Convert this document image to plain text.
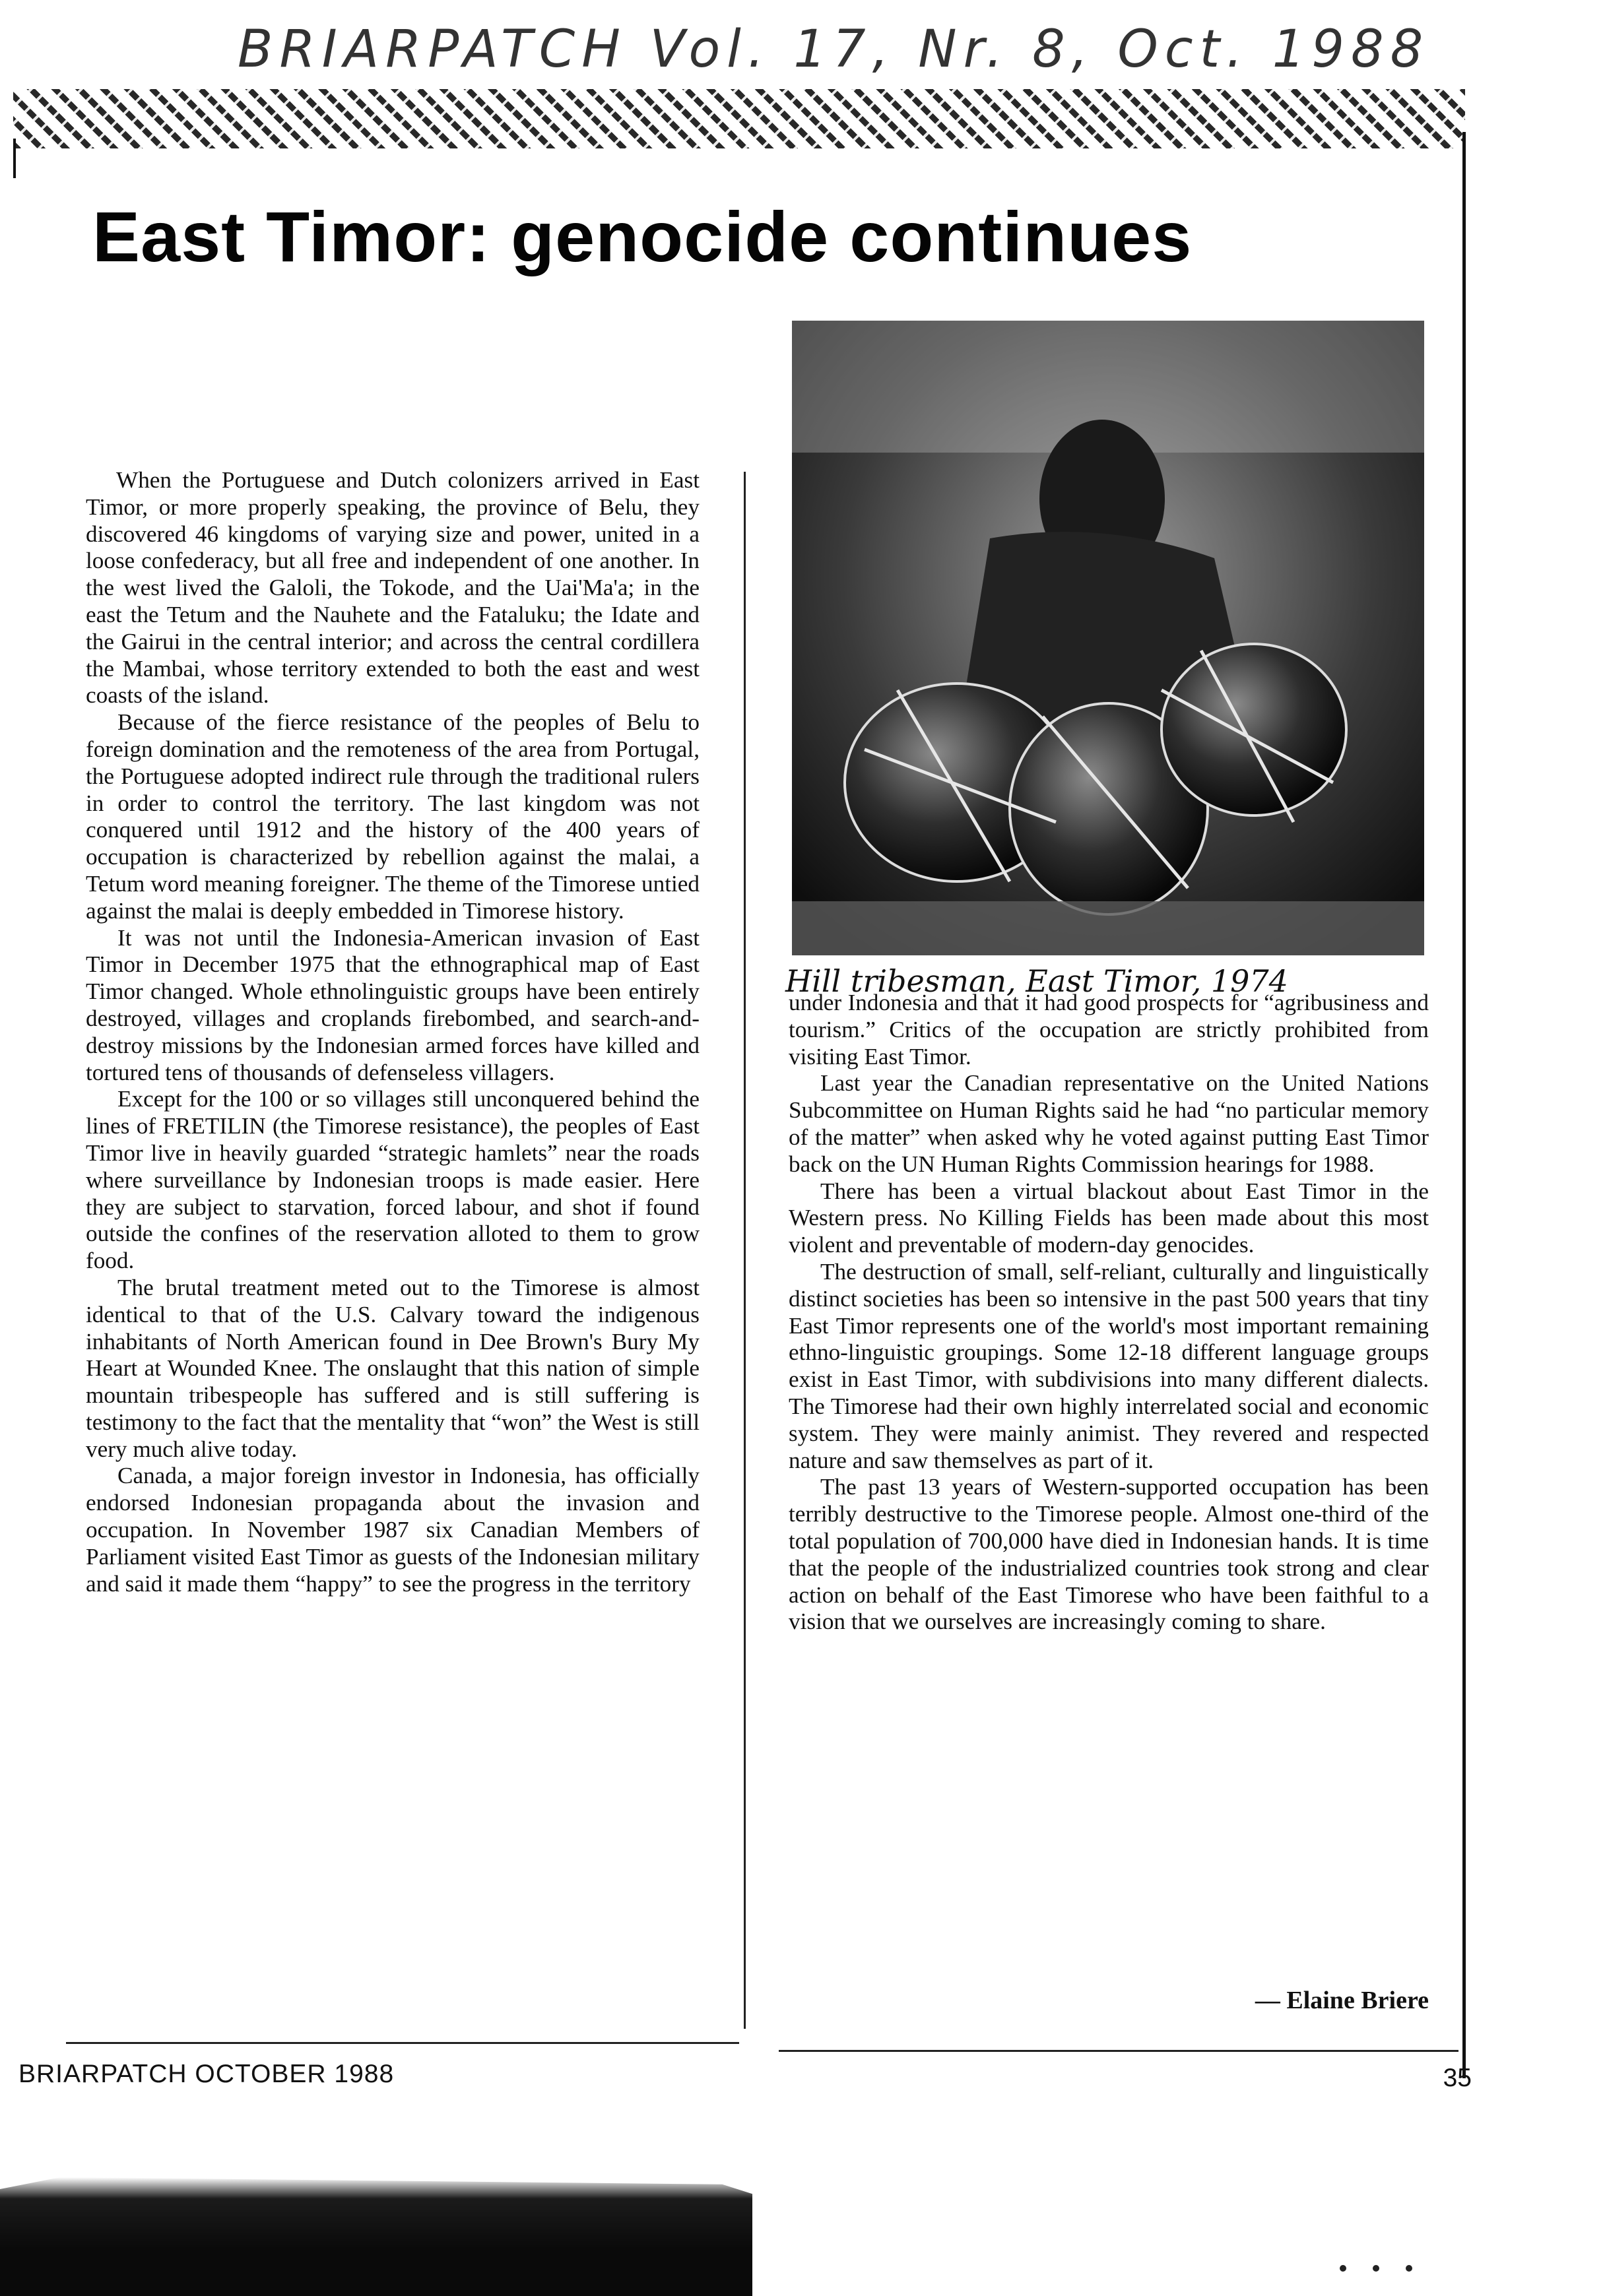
BRIARPATCH Vol. 17, Nr. 8, Oct. 1988
East Timor: genocide continues

When the Portuguese and Dutch colonizers arrived in East Timor, or more properly speaking, the province of Belu, they discovered 46 kingdoms of varying size and power, united in a loose confederacy, but all free and independent of one another. In the west lived the Galoli, the Tokode, and the Uai'Ma'a; in the east the Tetum and the Nauhete and the Fataluku; the Idate and the Gairui in the central interior; and across the central cordillera the Mambai, whose territory extended to both the east and west coasts of the island.

Because of the fierce resistance of the peoples of Belu to foreign domination and the remoteness of the area from Portugal, the Portuguese adopted indirect rule through the traditional rulers in order to control the territory. The last kingdom was not conquered until 1912 and the history of the 400 years of occupation is characterized by rebellion against the malai, a Tetum word meaning foreigner. The theme of the Timorese untied against the malai is deeply embedded in Timorese history.

It was not until the Indonesia-American invasion of East Timor in December 1975 that the ethnographical map of East Timor changed. Whole ethnolinguistic groups have been entirely destroyed, villages and croplands firebombed, and search-and-destroy missions by the Indonesian armed forces have killed and tortured tens of thousands of defenseless villagers.

Except for the 100 or so villages still unconquered behind the lines of FRETILIN (the Timorese resistance), the peoples of East Timor live in heavily guarded “strategic hamlets” near the roads where surveillance by Indonesian troops is made easier. Here they are subject to starvation, forced labour, and shot if found outside the confines of the reservation alloted to them to grow food.

The brutal treatment meted out to the Timorese is almost identical to that of the U.S. Calvary toward the indigenous inhabitants of North American found in Dee Brown's Bury My Heart at Wounded Knee. The onslaught that this nation of simple mountain tribespeople has suffered and is still suffering is testimony to the fact that the mentality that “won” the West is still very much alive today.

Canada, a major foreign investor in Indonesia, has officially endorsed Indonesian propaganda about the invasion and occupation. In November 1987 six Canadian Members of Parliament visited East Timor as guests of the Indonesian military and said it made them “happy” to see the progress in the territory

Hill tribesman, East Timor, 1974

under Indonesia and that it had good prospects for “agribusiness and tourism.” Critics of the occupation are strictly prohibited from visiting East Timor.

Last year the Canadian representative on the United Nations Subcommittee on Human Rights said he had “no particular memory of the matter” when asked why he voted against putting East Timor back on the UN Human Rights Commission hearings for 1988.

There has been a virtual blackout about East Timor in the Western press. No Killing Fields has been made about this most violent and preventable of modern-day genocides.

The destruction of small, self-reliant, culturally and linguistically distinct societies has been so intensive in the past 500 years that tiny East Timor represents one of the world's most important remaining ethno-linguistic groupings. Some 12-18 different language groups exist in East Timor, with subdivisions into many different dialects. The Timorese had their own highly interrelated social and economic system. They were mainly animist. They revered and respected nature and saw themselves as part of it.

The past 13 years of Western-supported occupation has been terribly destructive to the Timorese people. Almost one-third of the total population of 700,000 have died in Indonesian hands. It is time that the people of the industrialized countries took strong and clear action on behalf of the East Timorese who have been faithful to a vision that we ourselves are increasingly coming to share.

— Elaine Briere
BRIARPATCH OCTOBER 1988	35
